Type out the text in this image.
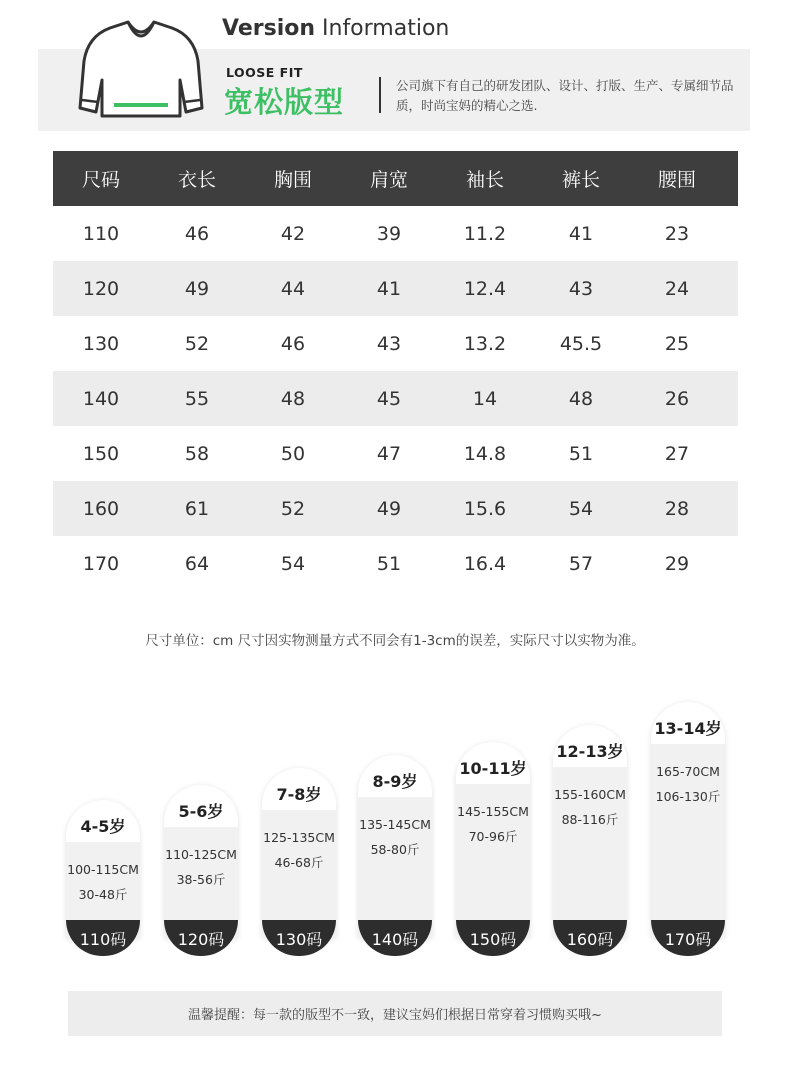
Version Information
LOOSE FIT
宽松版型	公司旗下有自己的研发团队、设计、打版、生产、专属细节品质，时尚宝妈的精心之选.
尺码	衣长	胸围	肩宽	袖长	裤长	腰围
110	46	42	39	11.2	41	23
120	49	44	41	12.4	43	24
130	52	46	43	13.2	45.5	25
140	55	48	45	14	48	26
150	58	50	47	14.8	51	27
160	61	52	49	15.6	54	28
170	64	54	51	16.4	57	29
尺寸单位：cm 尺寸因实物测量方式不同会有1-3cm的误差，实际尺寸以实物为准。
4-5岁
100-115CM
30-48斤
110码
5-6岁
110-125CM
38-56斤
120码
7-8岁
125-135CM
46-68斤
130码
8-9岁
135-145CM
58-80斤
140码
10-11岁
145-155CM
70-96斤
150码
12-13岁
155-160CM
88-116斤
160码
13-14岁
165-70CM
106-130斤
170码
温馨提醒：每一款的版型不一致，建议宝妈们根据日常穿着习惯购买哦~
